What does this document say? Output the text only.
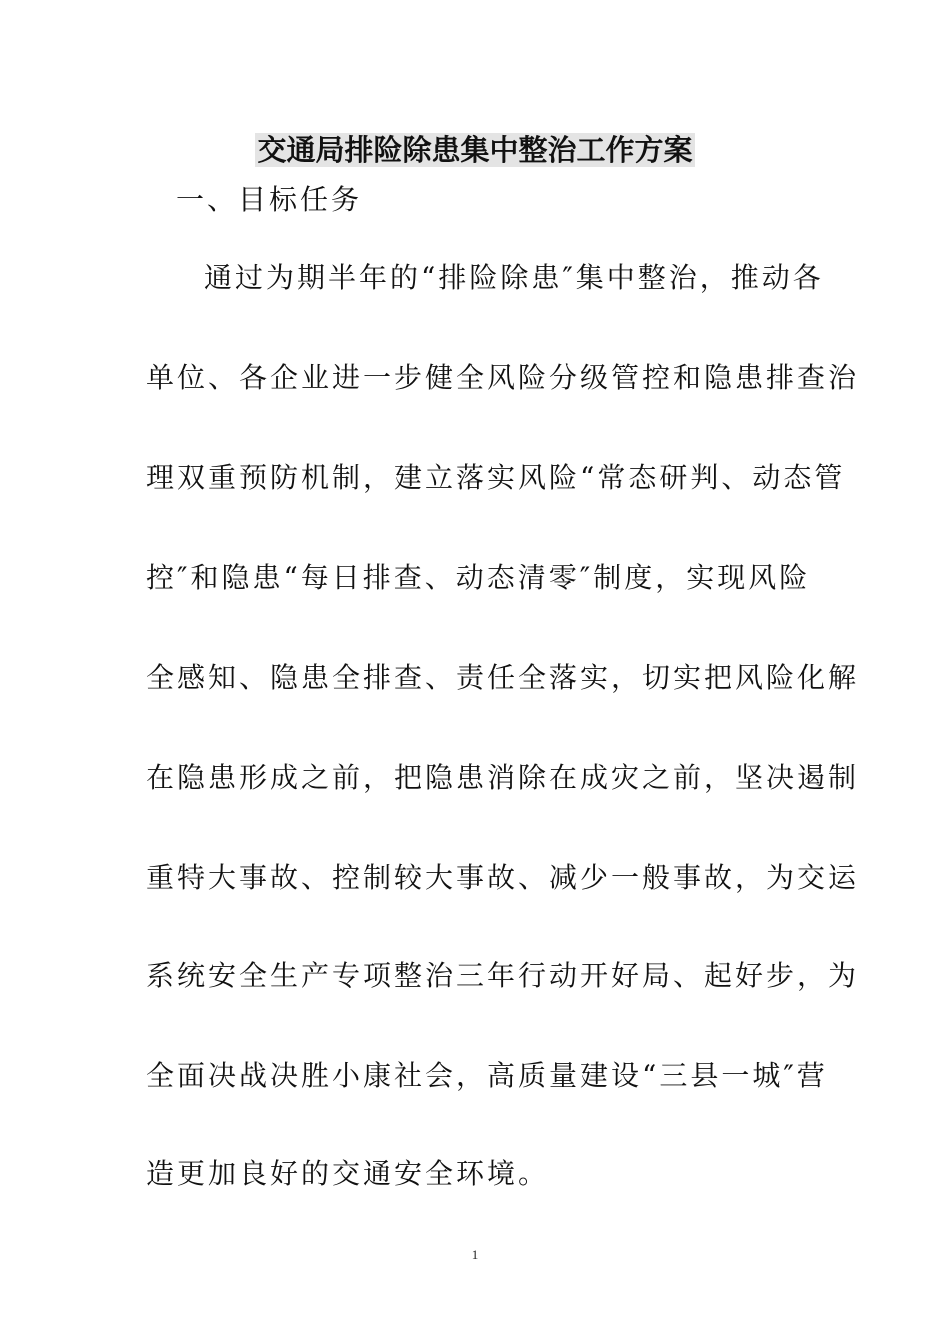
交通局排险除患集中整治工作方案
一、目标任务
通过为期半年的“排险除患″集中整治，推动各
单位、各企业进一步健全风险分级管控和隐患排查治
理双重预防机制，建立落实风险“常态研判、动态管
控″和隐患“每日排查、动态清零″制度，实现风险
全感知、隐患全排查、责任全落实，切实把风险化解
在隐患形成之前，把隐患消除在成灾之前，坚决遏制
重特大事故、控制较大事故、减少一般事故，为交运
系统安全生产专项整治三年行动开好局、起好步，为
全面决战决胜小康社会，高质量建设“三县一城″营
造更加良好的交通安全环境。
1
